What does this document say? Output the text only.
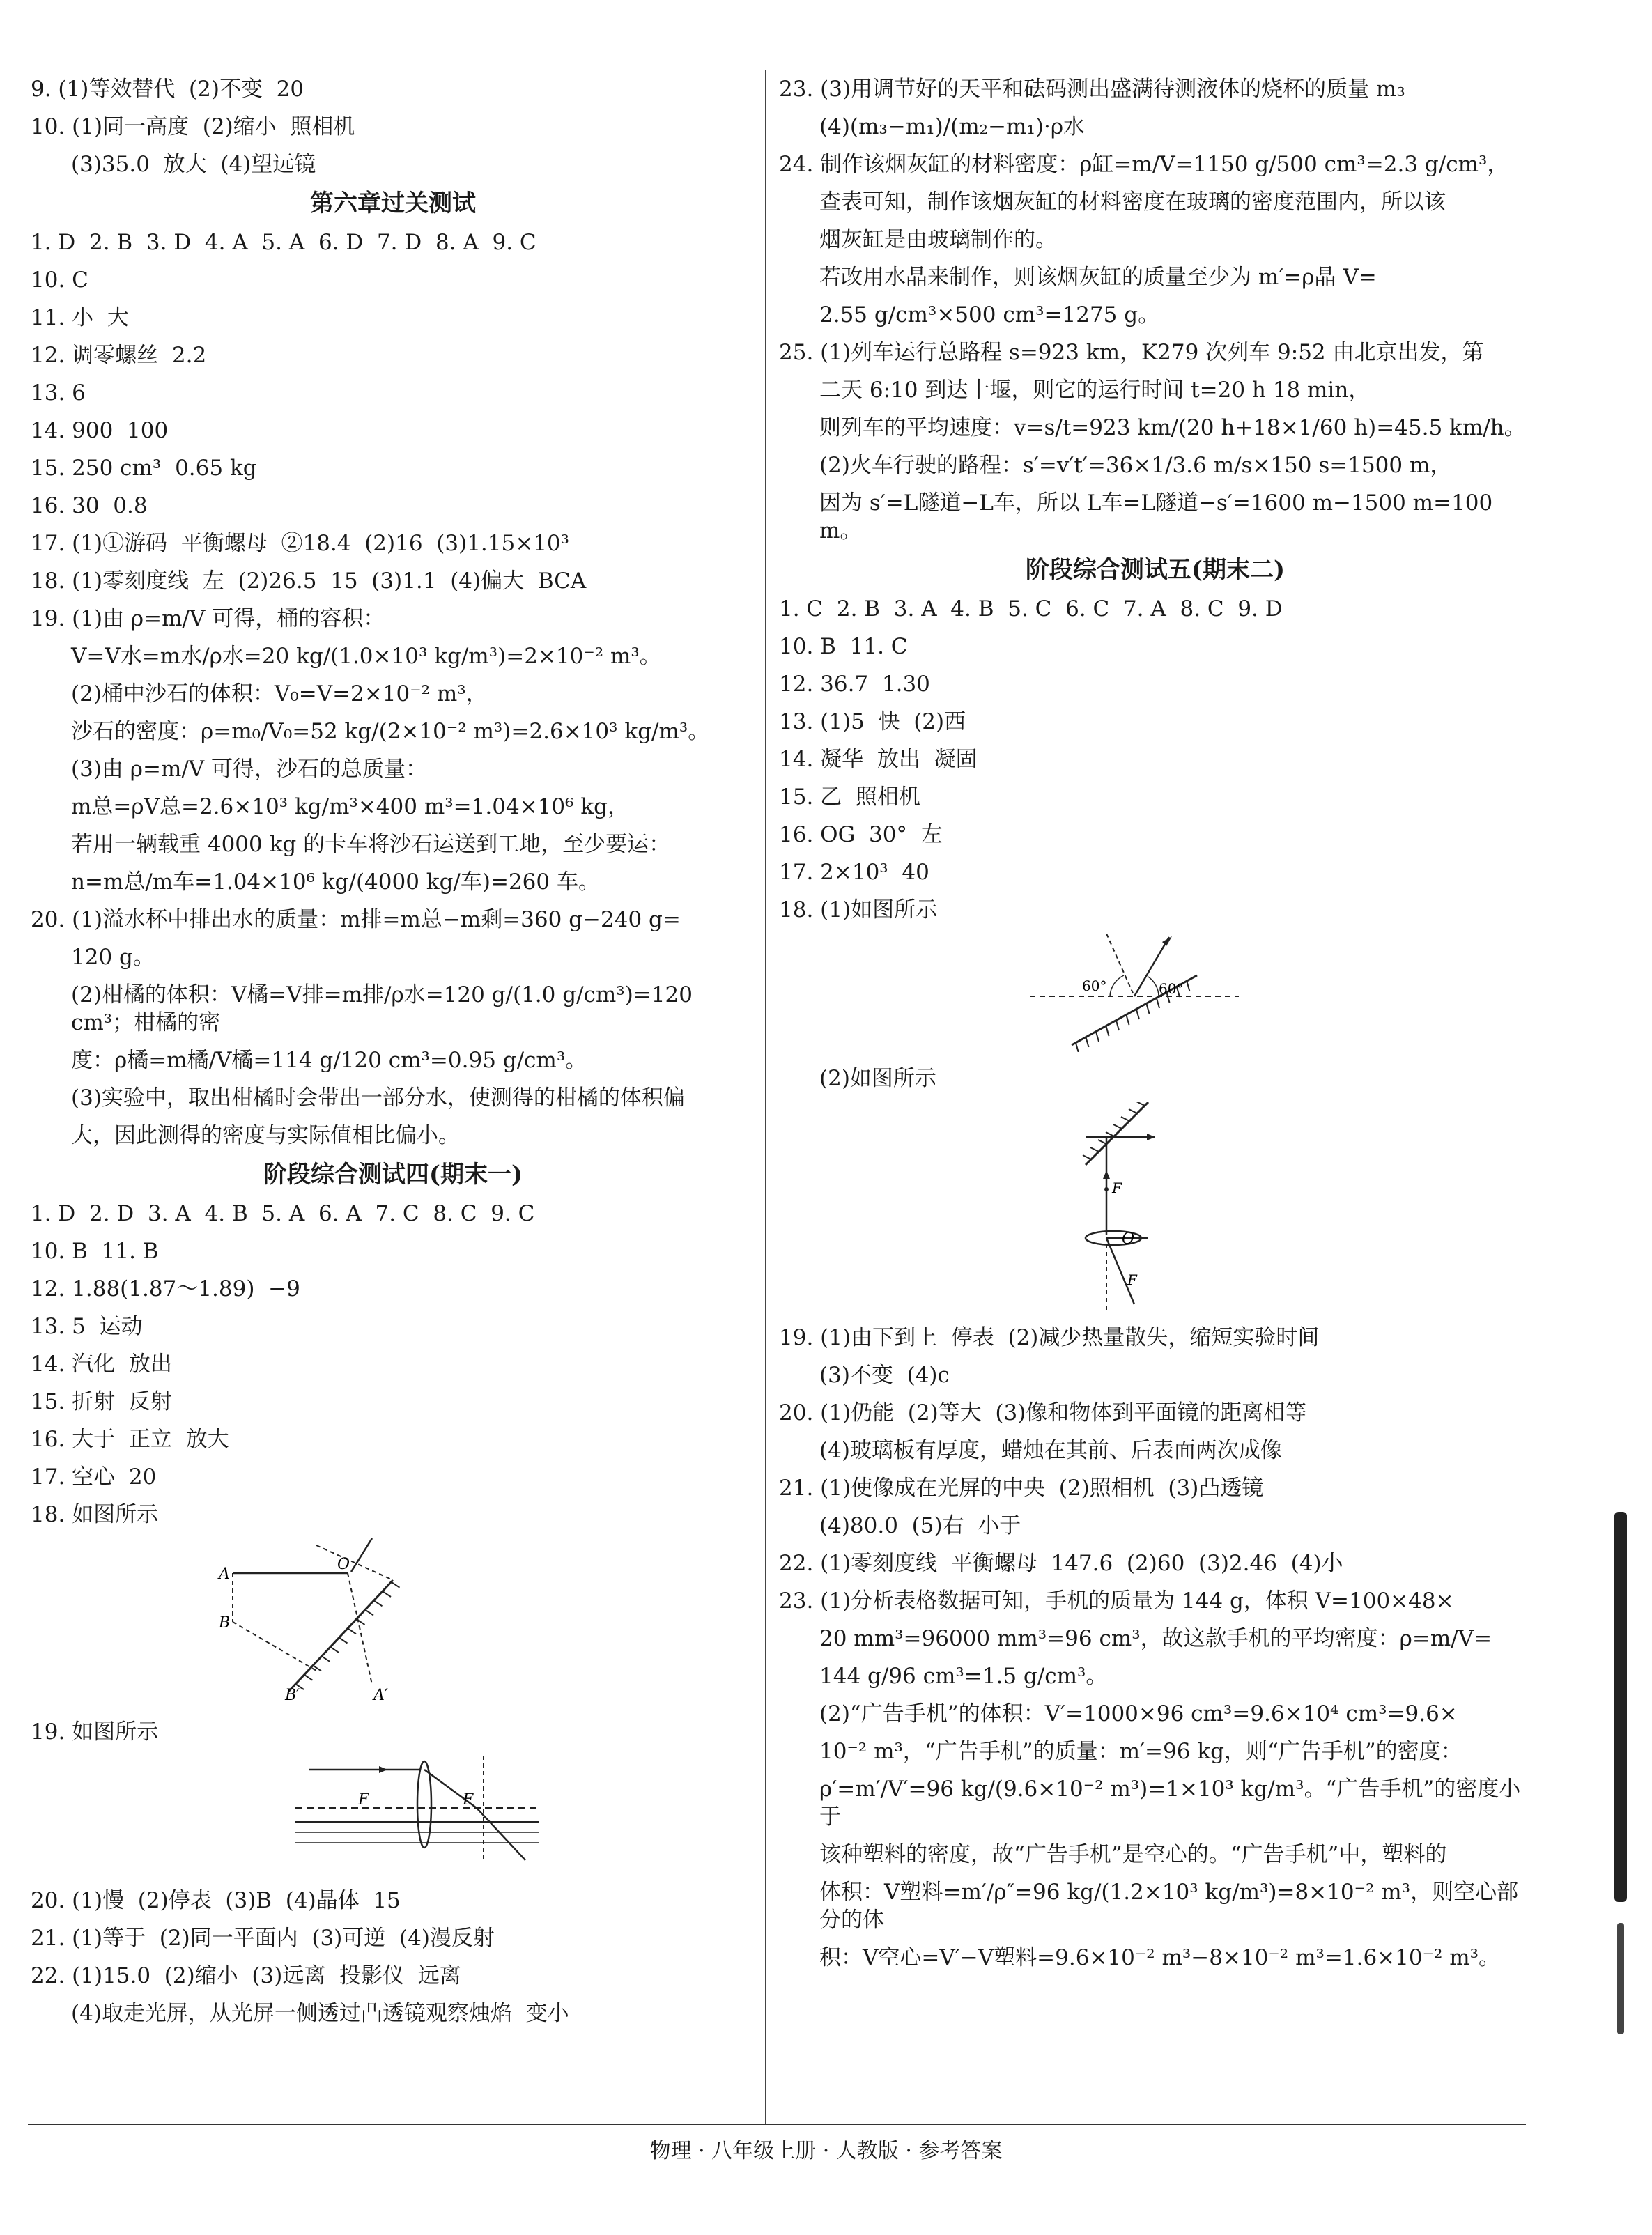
9. (1)等效替代  (2)不变  20
10. (1)同一高度  (2)缩小  照相机
(3)35.0  放大  (4)望远镜
第六章过关测试
1. D  2. B  3. D  4. A  5. A  6. D  7. D  8. A  9. C
10. C
11. 小  大
12. 调零螺丝  2.2
13. 6
14. 900  100
15. 250 cm³  0.65 kg
16. 30  0.8
17. (1)①游码  平衡螺母  ②18.4  (2)16  (3)1.15×10³
18. (1)零刻度线  左  (2)26.5  15  (3)1.1  (4)偏大  BCA
19. (1)由 ρ=m/V 可得，桶的容积：
V=V水=m水/ρ水=20 kg/(1.0×10³ kg/m³)=2×10⁻² m³。
(2)桶中沙石的体积：V₀=V=2×10⁻² m³，
沙石的密度：ρ=m₀/V₀=52 kg/(2×10⁻² m³)=2.6×10³ kg/m³。
(3)由 ρ=m/V 可得，沙石的总质量：
m总=ρV总=2.6×10³ kg/m³×400 m³=1.04×10⁶ kg，
若用一辆载重 4000 kg 的卡车将沙石运送到工地，至少要运：
n=m总/m车=1.04×10⁶ kg/(4000 kg/车)=260 车。
20. (1)溢水杯中排出水的质量：m排=m总−m剩=360 g−240 g=
120 g。
(2)柑橘的体积：V橘=V排=m排/ρ水=120 g/(1.0 g/cm³)=120 cm³；柑橘的密
度：ρ橘=m橘/V橘=114 g/120 cm³=0.95 g/cm³。
(3)实验中，取出柑橘时会带出一部分水，使测得的柑橘的体积偏
大，因此测得的密度与实际值相比偏小。
阶段综合测试四(期末一)
1. D  2. D  3. A  4. B  5. A  6. A  7. C  8. C  9. C
10. B  11. B
12. 1.88(1.87～1.89)  −9
13. 5  运动
14. 汽化  放出
15. 折射  反射
16. 大于  正立  放大
17. 空心  20
18. 如图所示
A
B
O
B′	A′
19. 如图所示
F	F
20. (1)慢  (2)停表  (3)B  (4)晶体  15
21. (1)等于  (2)同一平面内  (3)可逆  (4)漫反射
22. (1)15.0  (2)缩小  (3)远离  投影仪  远离
(4)取走光屏，从光屏一侧透过凸透镜观察烛焰  变小
23. (3)用调节好的天平和砝码测出盛满待测液体的烧杯的质量 m₃
(4)(m₃−m₁)/(m₂−m₁)·ρ水
24. 制作该烟灰缸的材料密度：ρ缸=m/V=1150 g/500 cm³=2.3 g/cm³，
查表可知，制作该烟灰缸的材料密度在玻璃的密度范围内，所以该
烟灰缸是由玻璃制作的。
若改用水晶来制作，则该烟灰缸的质量至少为 m′=ρ晶 V=
2.55 g/cm³×500 cm³=1275 g。
25. (1)列车运行总路程 s=923 km，K279 次列车 9:52 由北京出发，第
二天 6:10 到达十堰，则它的运行时间 t=20 h 18 min，
则列车的平均速度：v=s/t=923 km/(20 h+18×1/60 h)=45.5 km/h。
(2)火车行驶的路程：s′=v′t′=36×1/3.6 m/s×150 s=1500 m，
因为 s′=L隧道−L车，所以 L车=L隧道−s′=1600 m−1500 m=100 m。
阶段综合测试五(期末二)
1. C  2. B  3. A  4. B  5. C  6. C  7. A  8. C  9. D
10. B  11. C
12. 36.7  1.30
13. (1)5  快  (2)西
14. 凝华  放出  凝固
15. 乙  照相机
16. OG  30°  左
17. 2×10³  40
18. (1)如图所示
60°	60°
(2)如图所示
F
O
F
19. (1)由下到上  停表  (2)减少热量散失，缩短实验时间
(3)不变  (4)c
20. (1)仍能  (2)等大  (3)像和物体到平面镜的距离相等
(4)玻璃板有厚度，蜡烛在其前、后表面两次成像
21. (1)使像成在光屏的中央  (2)照相机  (3)凸透镜
(4)80.0  (5)右  小于
22. (1)零刻度线  平衡螺母  147.6  (2)60  (3)2.46  (4)小
23. (1)分析表格数据可知，手机的质量为 144 g，体积 V=100×48×
20 mm³=96000 mm³=96 cm³，故这款手机的平均密度：ρ=m/V=
144 g/96 cm³=1.5 g/cm³。
(2)“广告手机”的体积：V′=1000×96 cm³=9.6×10⁴ cm³=9.6×
10⁻² m³，“广告手机”的质量：m′=96 kg，则“广告手机”的密度：
ρ′=m′/V′=96 kg/(9.6×10⁻² m³)=1×10³ kg/m³。“广告手机”的密度小于
该种塑料的密度，故“广告手机”是空心的。“广告手机”中，塑料的
体积：V塑料=m′/ρ″=96 kg/(1.2×10³ kg/m³)=8×10⁻² m³，则空心部分的体
积：V空心=V′−V塑料=9.6×10⁻² m³−8×10⁻² m³=1.6×10⁻² m³。
物理 · 八年级上册 · 人教版 · 参考答案
